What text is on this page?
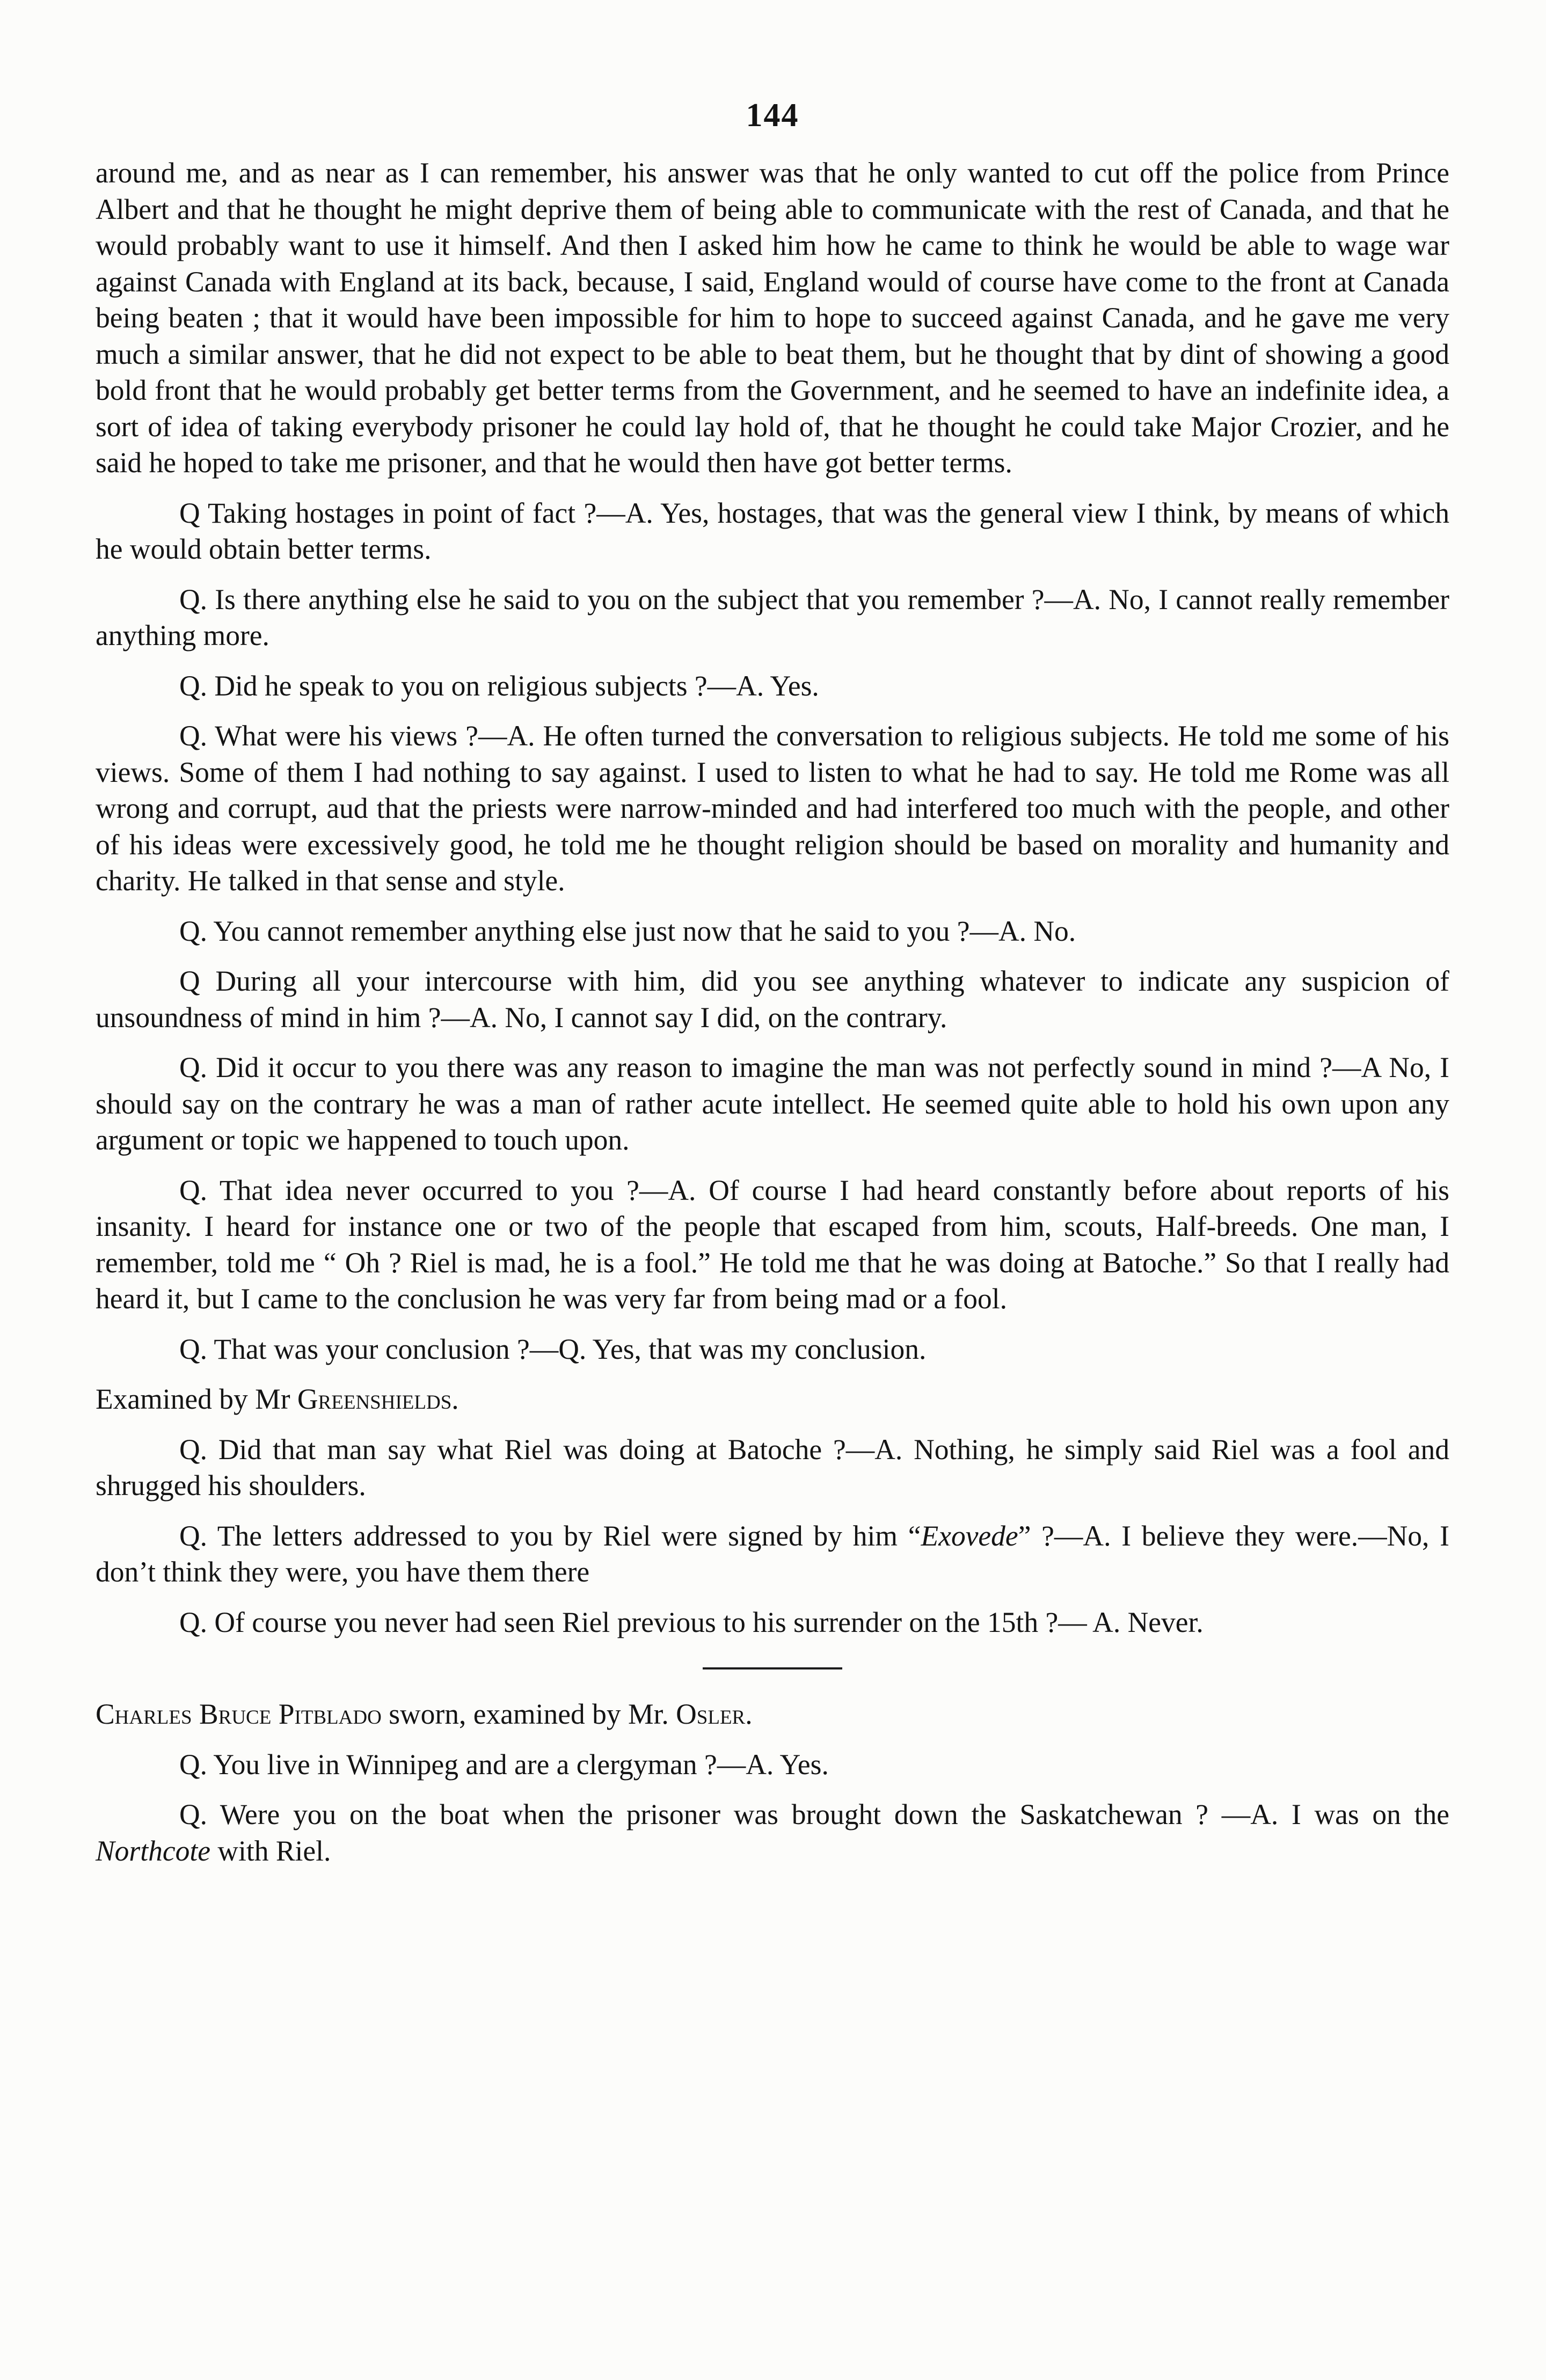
144

around me, and as near as I can remember, his answer was that he only wanted to cut off the police from Prince Albert and that he thought he might deprive them of being able to communicate with the rest of Canada, and that he would probably want to use it himself. And then I asked him how he came to think he would be able to wage war against Canada with England at its back, because, I said, England would of course have come to the front at Canada being beaten ; that it would have been impossible for him to hope to succeed against Canada, and he gave me very much a similar answer, that he did not expect to be able to beat them, but he thought that by dint of showing a good bold front that he would probably get better terms from the Government, and he seemed to have an indefinite idea, a sort of idea of taking everybody prisoner he could lay hold of, that he thought he could take Major Crozier, and he said he hoped to take me prisoner, and that he would then have got better terms.

Q Taking hostages in point of fact ?—A. Yes, hostages, that was the general view I think, by means of which he would obtain better terms.

Q. Is there anything else he said to you on the subject that you remember ?—A. No, I cannot really remember anything more.

Q. Did he speak to you on religious subjects ?—A. Yes.

Q. What were his views ?—A. He often turned the conversation to religious subjects. He told me some of his views. Some of them I had nothing to say against. I used to listen to what he had to say. He told me Rome was all wrong and corrupt, aud that the priests were narrow-minded and had interfered too much with the people, and other of his ideas were excessively good, he told me he thought religion should be based on morality and humanity and charity. He talked in that sense and style.

Q. You cannot remember anything else just now that he said to you ?—A. No.

Q During all your intercourse with him, did you see anything whatever to indicate any suspicion of unsoundness of mind in him ?—A. No, I cannot say I did, on the contrary.

Q. Did it occur to you there was any reason to imagine the man was not perfectly sound in mind ?—A No, I should say on the contrary he was a man of rather acute intellect. He seemed quite able to hold his own upon any argument or topic we happened to touch upon.

Q. That idea never occurred to you ?—A. Of course I had heard constantly before about reports of his insanity. I heard for instance one or two of the people that escaped from him, scouts, Half-breeds. One man, I remember, told me “ Oh ? Riel is mad, he is a fool.” He told me that he was doing at Batoche.” So that I really had heard it, but I came to the conclusion he was very far from being mad or a fool.

Q. That was your conclusion ?—Q. Yes, that was my conclusion.

Examined by Mr Greenshields.

Q. Did that man say what Riel was doing at Batoche ?—A. Nothing, he simply said Riel was a fool and shrugged his shoulders.

Q. The letters addressed to you by Riel were signed by him “Exovede” ?—A. I believe they were.—No, I don’t think they were, you have them there

Q. Of course you never had seen Riel previous to his surrender on the 15th ?— A. Never.

Charles Bruce Pitblado sworn, examined by Mr. Osler.

Q. You live in Winnipeg and are a clergyman ?—A. Yes.

Q. Were you on the boat when the prisoner was brought down the Saskatchewan ? —A. I was on the Northcote with Riel.
